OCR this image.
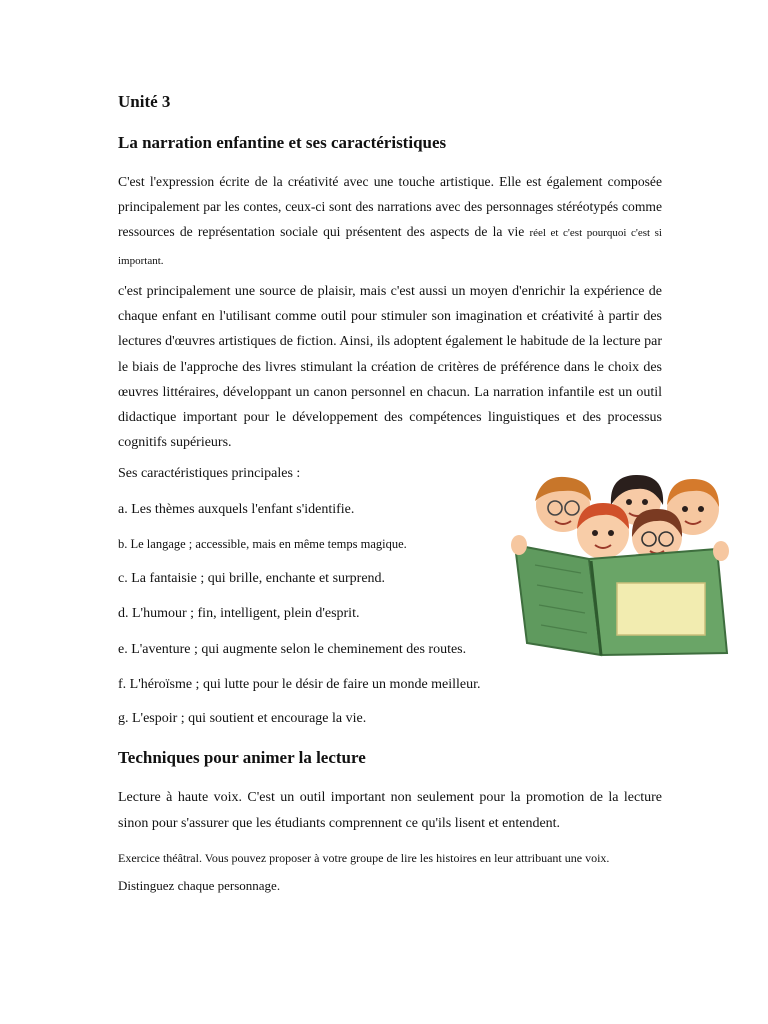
Unité 3
La narration enfantine et ses caractéristiques

C'est l'expression écrite de la créativité avec une touche artistique. Elle est également composée principalement par les contes, ceux-ci sont des narrations avec des personnages stéréotypés comme ressources de représentation sociale qui présentent des aspects de la vie réel et c'est pourquoi c'est si important.

c'est principalement une source de plaisir, mais c'est aussi un moyen d'enrichir la expérience de chaque enfant en l'utilisant comme outil pour stimuler son imagination et créativité à partir des lectures d'œuvres artistiques de fiction. Ainsi, ils adoptent également le habitude de la lecture par le biais de l'approche des livres stimulant la création de critères de préférence dans le choix des œuvres littéraires, développant un canon personnel en chacun. La narration infantile est un outil didactique important pour le développement des compétences linguistiques et des processus cognitifs supérieurs.

Ses caractéristiques principales :

a. Les thèmes auxquels l'enfant s'identifie.

b. Le langage ; accessible, mais en même temps magique.

c. La fantaisie ; qui brille, enchante et surprend.

d. L'humour ; fin, intelligent, plein d'esprit.

e. L'aventure ; qui augmente selon le cheminement des routes.

f. L'héroïsme ; qui lutte pour le désir de faire un monde meilleur.

g. L'espoir ; qui soutient et encourage la vie.

Techniques pour animer la lecture

Lecture à haute voix. C'est un outil important non seulement pour la promotion de la lecture sinon pour s'assurer que les étudiants comprennent ce qu'ils lisent et entendent.

Exercice théâtral. Vous pouvez proposer à votre groupe de lire les histoires en leur attribuant une voix.
Distinguez chaque personnage.
